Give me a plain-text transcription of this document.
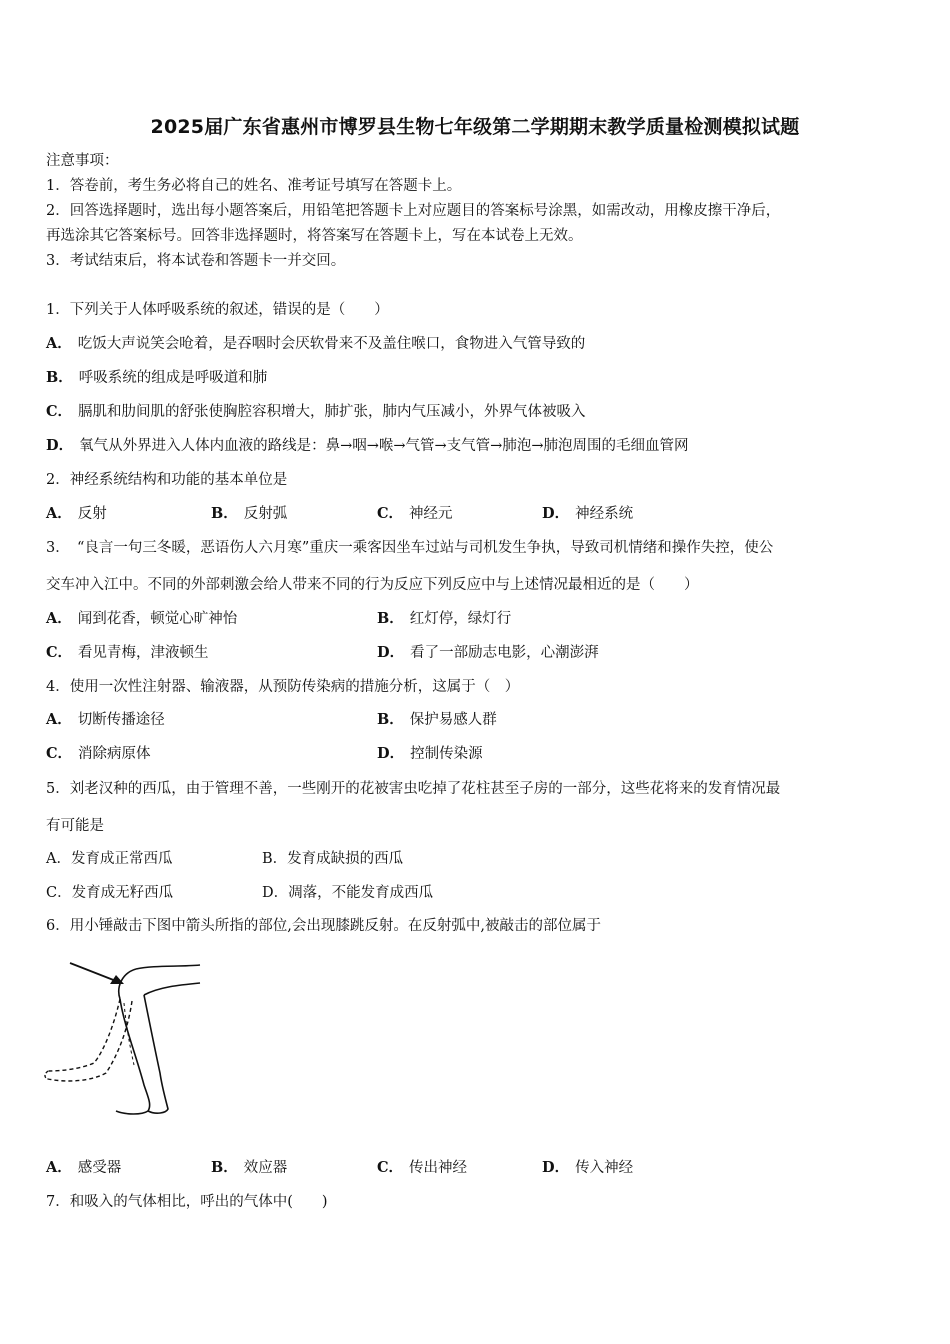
2025届广东省惠州市博罗县生物七年级第二学期期末教学质量检测模拟试题
注意事项：
1．答卷前，考生务必将自己的姓名、准考证号填写在答题卡上。
2．回答选择题时，选出每小题答案后，用铅笔把答题卡上对应题目的答案标号涂黑，如需改动，用橡皮擦干净后，
再选涂其它答案标号。回答非选择题时，将答案写在答题卡上，写在本试卷上无效。
3．考试结束后，将本试卷和答题卡一并交回。
1．下列关于人体呼吸系统的叙述，错误的是（　　）
A． 吃饭大声说笑会呛着，是吞咽时会厌软骨来不及盖住喉口，食物进入气管导致的
B． 呼吸系统的组成是呼吸道和肺
C． 膈肌和肋间肌的舒张使胸腔容积增大，肺扩张，肺内气压减小，外界气体被吸入
D． 氧气从外界进入人体内血液的路线是：鼻→咽→喉→气管→支气管→肺泡→肺泡周围的毛细血管网
2．神经系统结构和功能的基本单位是
A． 反射	B． 反射弧	C． 神经元	D． 神经系统
3．　“良言一句三冬暖，恶语伤人六月寒”重庆一乘客因坐车过站与司机发生争执，导致司机情绪和操作失控，使公
交车冲入江中。不同的外部刺激会给人带来不同的行为反应下列反应中与上述情况最相近的是（　　）
A． 闻到花香，顿觉心旷神怡	B． 红灯停，绿灯行
C． 看见青梅，津液顿生	D． 看了一部励志电影，心潮澎湃
4．使用一次性注射器、输液器，从预防传染病的措施分析，这属于（　）
A． 切断传播途径	B． 保护易感人群
C． 消除病原体	D． 控制传染源
5．刘老汉种的西瓜，由于管理不善，一些刚开的花被害虫吃掉了花柱甚至子房的一部分，这些花将来的发育情况最
有可能是
A．发育成正常西瓜	B．发育成缺损的西瓜
C．发育成无籽西瓜	D．凋落，不能发育成西瓜
6．用小锤敲击下图中箭头所指的部位,会出现膝跳反射。在反射弧中,被敲击的部位属于
A． 感受器	B． 效应器	C． 传出神经	D． 传入神经
7．和吸入的气体相比，呼出的气体中(　　)
